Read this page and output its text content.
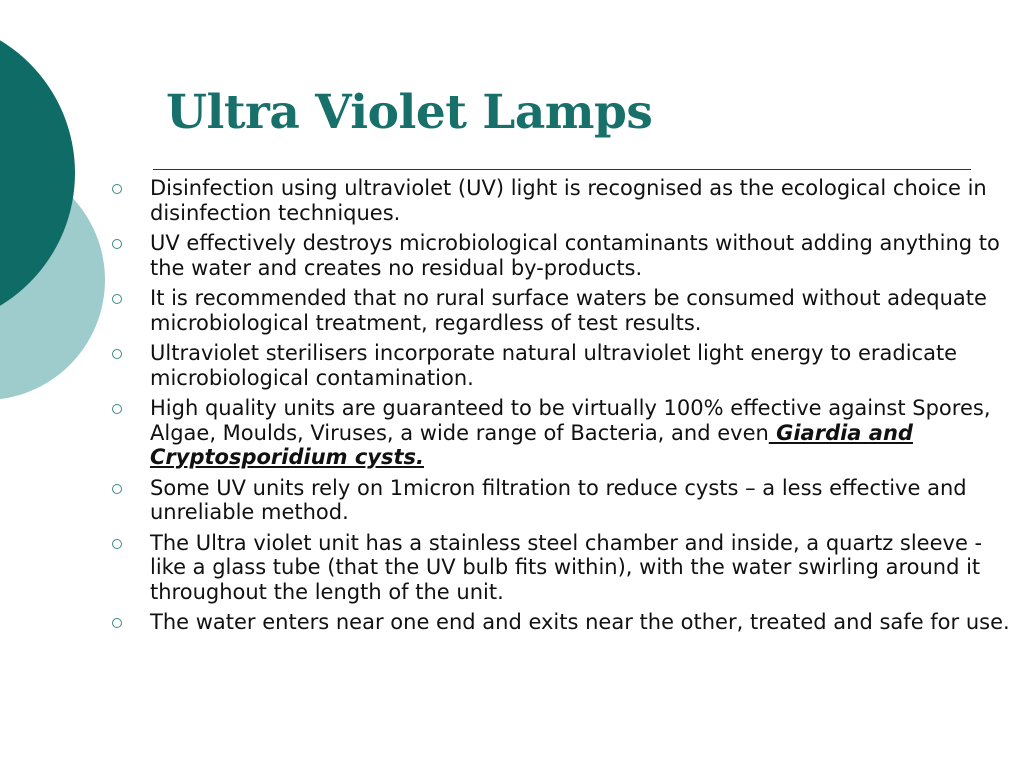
Ultra Violet Lamps
Disinfection using ultraviolet (UV) light is recognised as the ecological choice in disinfection techniques.
UV effectively destroys microbiological contaminants without adding anything to the water and creates no residual by-products.
It is recommended that no rural surface waters be consumed without adequate microbiological treatment, regardless of test results.
Ultraviolet sterilisers incorporate natural ultraviolet light energy to eradicate microbiological contamination.
High quality units are guaranteed to be virtually 100% effective against Spores, Algae, Moulds, Viruses, a wide range of Bacteria, and even Giardia and Cryptosporidium cysts.
Some UV units rely on 1micron filtration to reduce cysts – a less effective and unreliable method.
The Ultra violet unit has a stainless steel chamber and inside, a quartz sleeve -like a glass tube (that the UV bulb fits within), with the water swirling around it throughout the length of the unit.
The water enters near one end and exits near the other, treated and safe for use.
